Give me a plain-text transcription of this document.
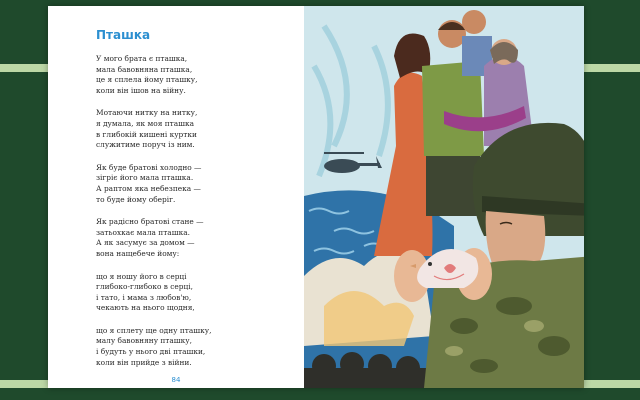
Пташка
У мого брата є пташка,
мала бавовняна пташка,
це я сплела йому пташку,
коли він ішов на війну.
Мотаючи нитку на нитку,
я думала, як моя пташка
в глибокій кишені куртки
служитиме поруч із ним.
Як буде братові холодно —
зігріє його мала пташка.
А раптом яка небезпека —
то буде йому оберіг.
Як радісно братові стане —
затьохкає мала пташка.
А як засумує за домом —
вона нащебече йому:
що я ношу його в серці
глибоко-глибоко в серці,
і тато, і мама з любов'ю,
чекають на нього щодня,
що я сплету ще одну пташку,
малу бавовняну пташку,
і будуть у нього дві пташки,
коли він прийде з війни.
84
